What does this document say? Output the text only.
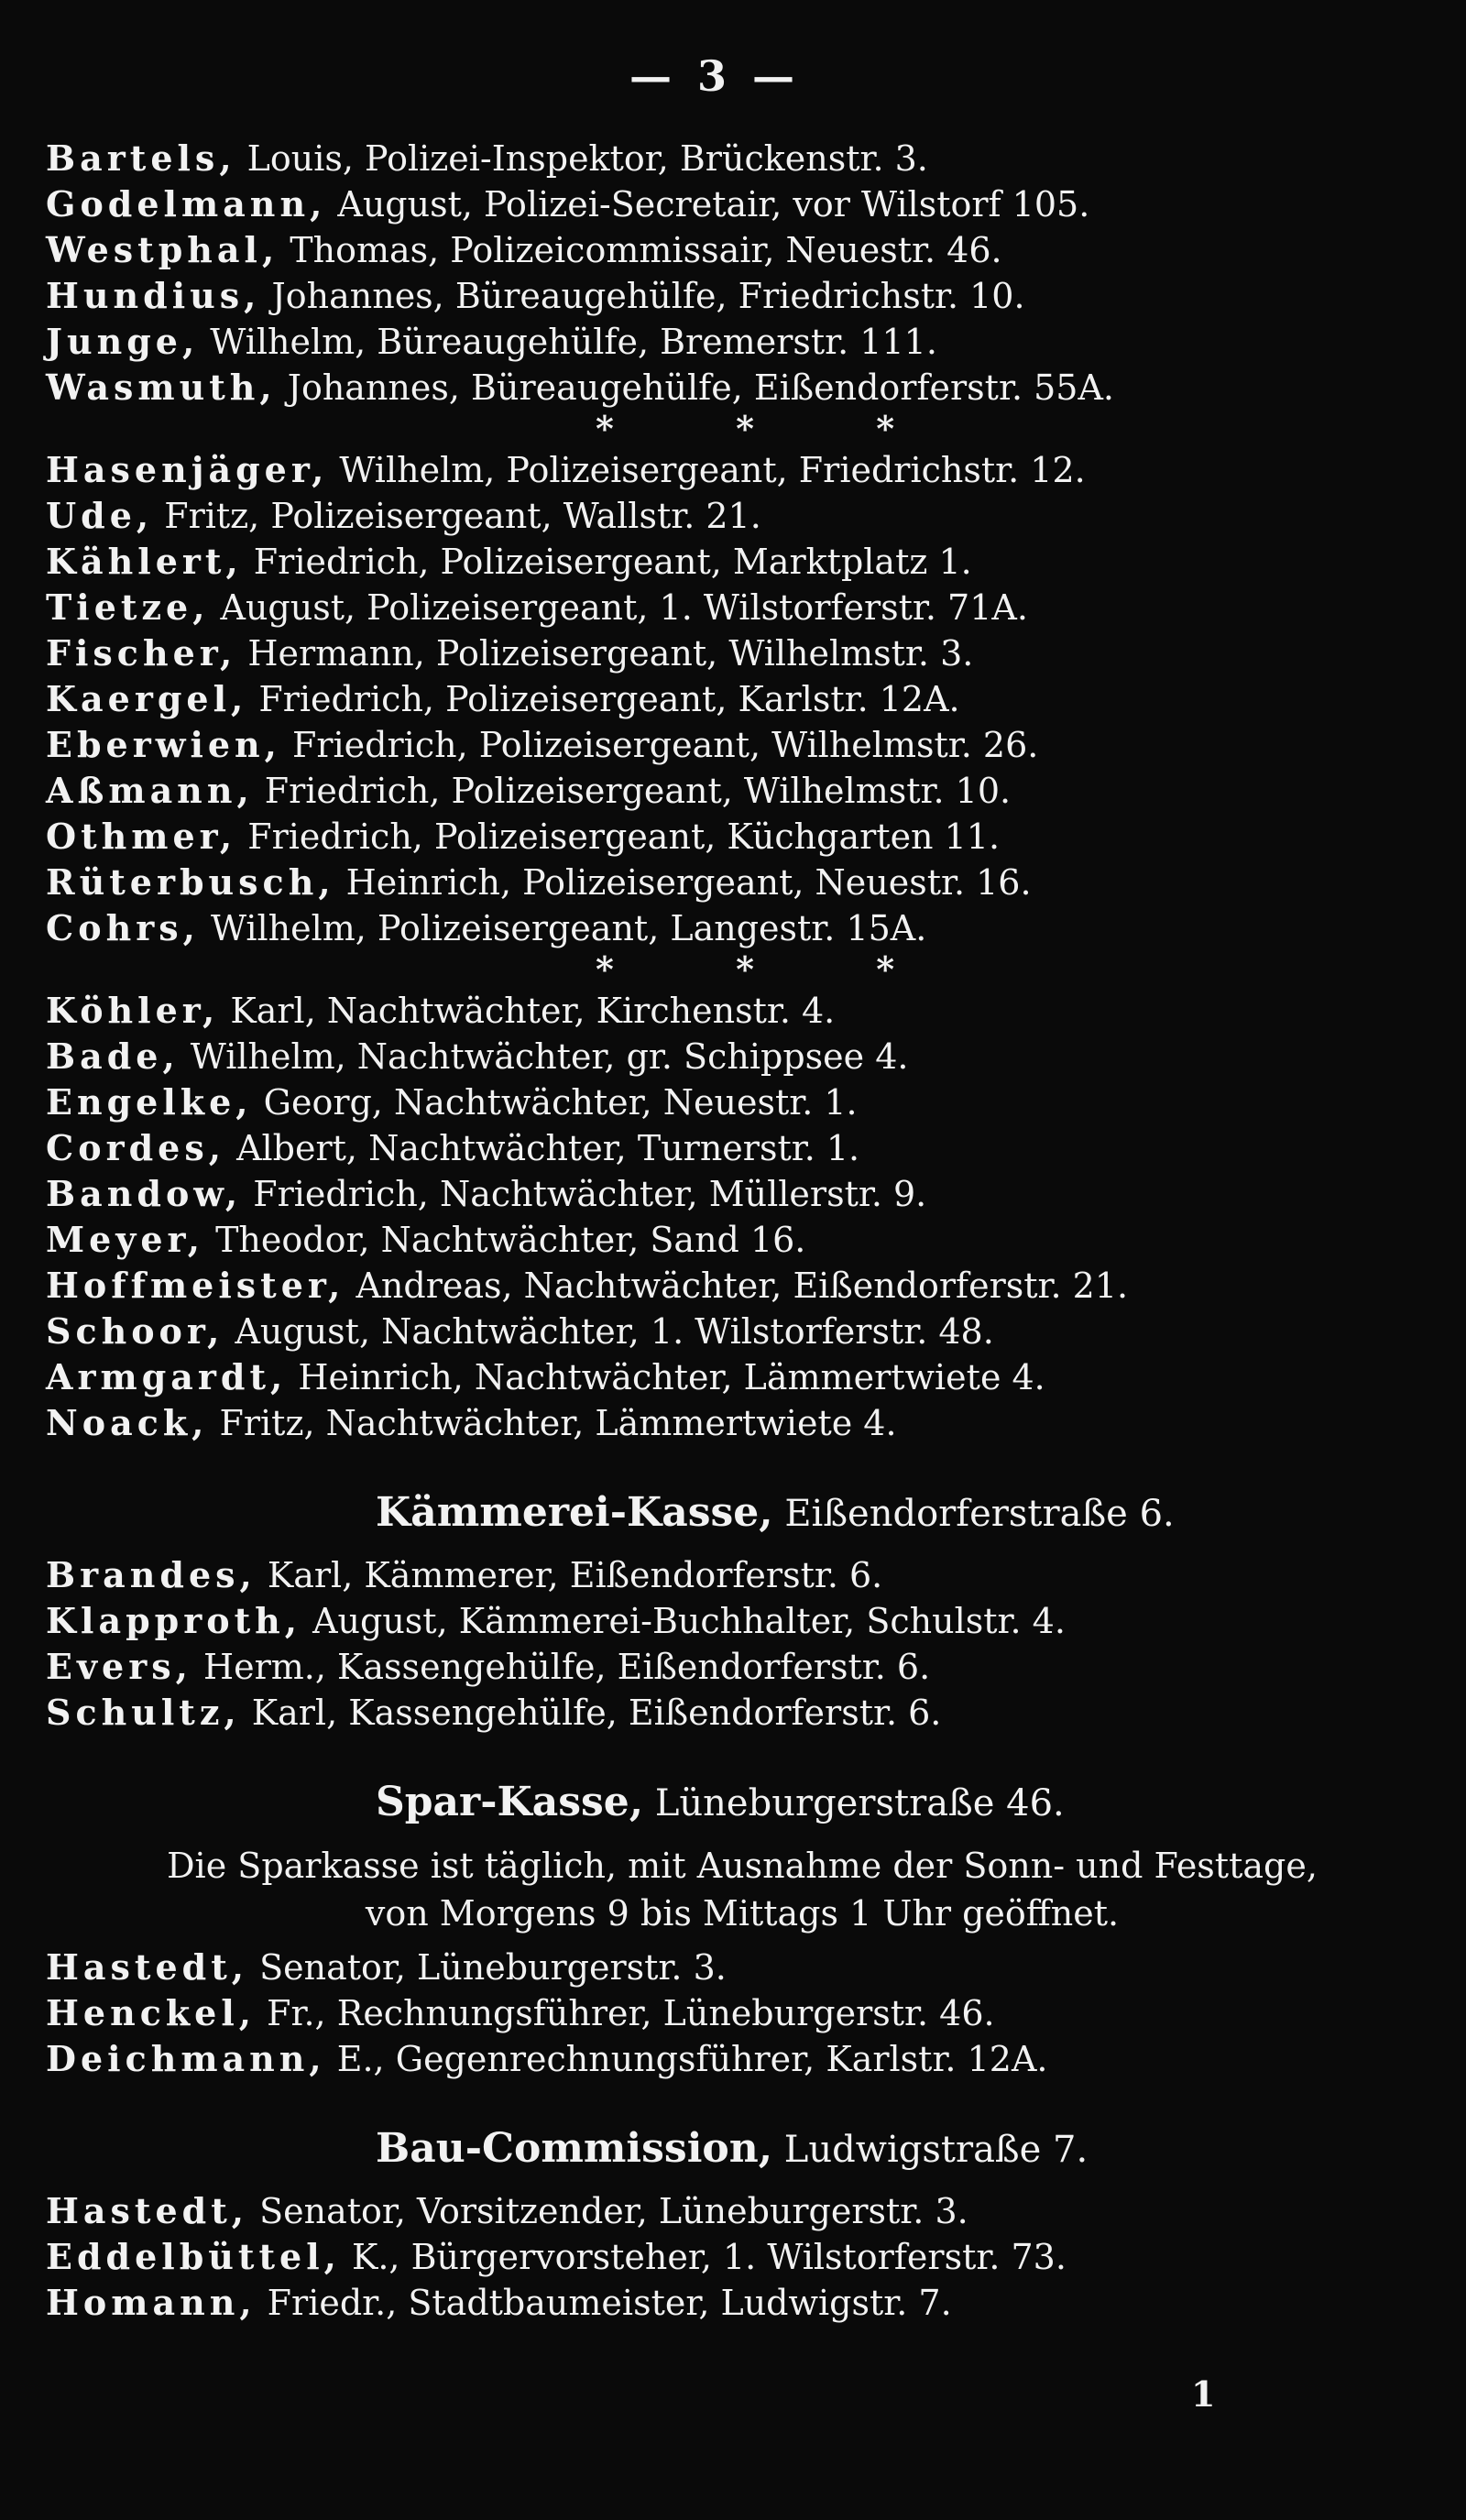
— 3 —
Bartels, Louis, Polizei-Inspektor, Brückenstr. 3.
Godelmann, August, Polizei-Secretair, vor Wilstorf 105.
Westphal, Thomas, Polizeicommissair, Neuestr. 46.
Hundius, Johannes, Büreaugehülfe, Friedrichstr. 10.
Junge, Wilhelm, Büreaugehülfe, Bremerstr. 111.
Wasmuth, Johannes, Büreaugehülfe, Eißendorferstr. 55A.
* * *
Hasenjäger, Wilhelm, Polizeisergeant, Friedrichstr. 12.
Ude, Fritz, Polizeisergeant, Wallstr. 21.
Kählert, Friedrich, Polizeisergeant, Marktplatz 1.
Tietze, August, Polizeisergeant, 1. Wilstorferstr. 71A.
Fischer, Hermann, Polizeisergeant, Wilhelmstr. 3.
Kaergel, Friedrich, Polizeisergeant, Karlstr. 12A.
Eberwien, Friedrich, Polizeisergeant, Wilhelmstr. 26.
Aßmann, Friedrich, Polizeisergeant, Wilhelmstr. 10.
Othmer, Friedrich, Polizeisergeant, Küchgarten 11.
Rüterbusch, Heinrich, Polizeisergeant, Neuestr. 16.
Cohrs, Wilhelm, Polizeisergeant, Langestr. 15A.
* * *
Köhler, Karl, Nachtwächter, Kirchenstr. 4.
Bade, Wilhelm, Nachtwächter, gr. Schippsee 4.
Engelke, Georg, Nachtwächter, Neuestr. 1.
Cordes, Albert, Nachtwächter, Turnerstr. 1.
Bandow, Friedrich, Nachtwächter, Müllerstr. 9.
Meyer, Theodor, Nachtwächter, Sand 16.
Hoffmeister, Andreas, Nachtwächter, Eißendorferstr. 21.
Schoor, August, Nachtwächter, 1. Wilstorferstr. 48.
Armgardt, Heinrich, Nachtwächter, Lämmertwiete 4.
Noack, Fritz, Nachtwächter, Lämmertwiete 4.
Kämmerei-Kasse, Eißendorferstraße 6.
Brandes, Karl, Kämmerer, Eißendorferstr. 6.
Klapproth, August, Kämmerei-Buchhalter, Schulstr. 4.
Evers, Herm., Kassengehülfe, Eißendorferstr. 6.
Schultz, Karl, Kassengehülfe, Eißendorferstr. 6.
Spar-Kasse, Lüneburgerstraße 46.
Die Sparkasse ist täglich, mit Ausnahme der Sonn- und Festtage,
von Morgens 9 bis Mittags 1 Uhr geöffnet.
Hastedt, Senator, Lüneburgerstr. 3.
Henckel, Fr., Rechnungsführer, Lüneburgerstr. 46.
Deichmann, E., Gegenrechnungsführer, Karlstr. 12A.
Bau-Commission, Ludwigstraße 7.
Hastedt, Senator, Vorsitzender, Lüneburgerstr. 3.
Eddelbüttel, K., Bürgervorsteher, 1. Wilstorferstr. 73.
Homann, Friedr., Stadtbaumeister, Ludwigstr. 7.
1
